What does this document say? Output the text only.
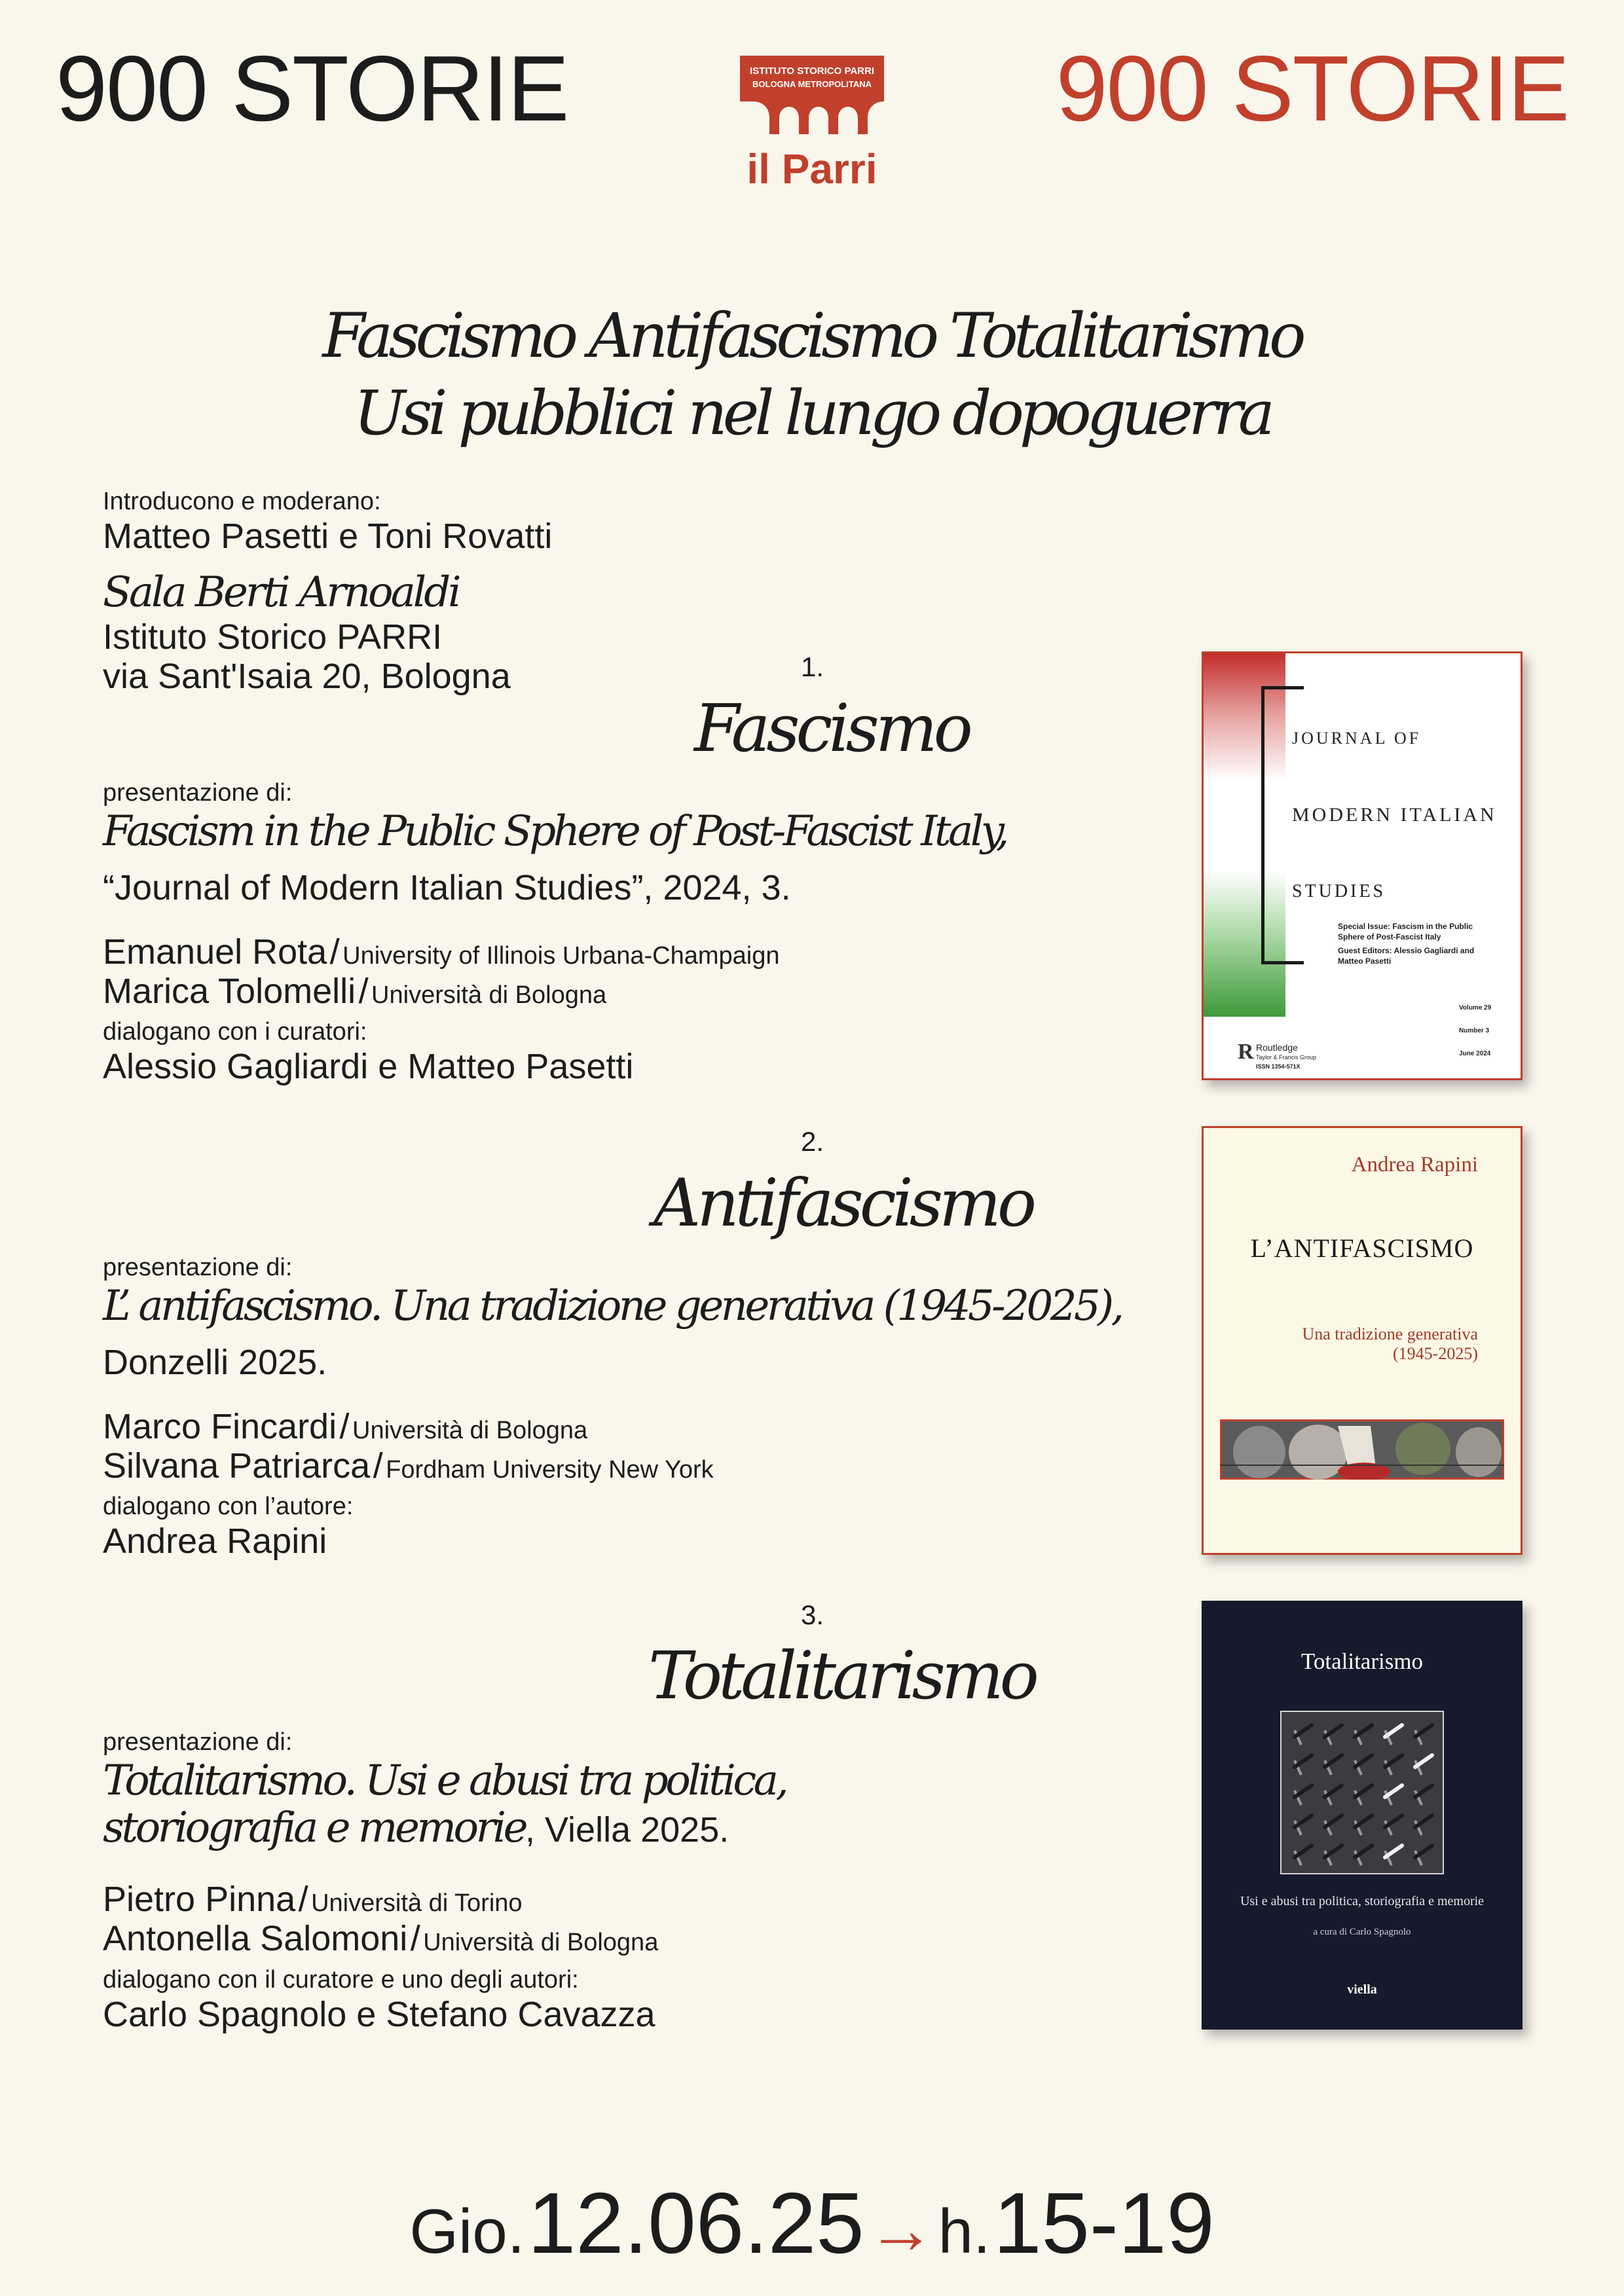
900 STORIE	900 STORIE
ISTITUTO STORICO PARRI
BOLOGNA METROPOLITANA
il Parri
Fascismo Antifascismo Totalitarismo
Usi pubblici nel lungo dopoguerra
Introducono e moderano:
Matteo Pasetti e Toni Rovatti
Sala Berti Arnoaldi
Istituto Storico PARRI
via Sant'Isaia 20, Bologna	1.
Fascismo
presentazione di:
Fascism in the Public Sphere of Post-Fascist Italy,
“Journal of Modern Italian Studies”, 2024, 3.
Emanuel Rota / University of Illinois Urbana-Champaign
Marica Tolomelli / Università di Bologna
dialogano con i curatori:
Alessio Gagliardi e Matteo Pasetti
2.
Antifascismo
presentazione di:
L’ antifascismo. Una tradizione generativa (1945-2025),
Donzelli 2025.
Marco Fincardi / Università di Bologna
Silvana Patriarca / Fordham University New York
dialogano con l’autore:
Andrea Rapini
3.
Totalitarismo
presentazione di:
Totalitarismo. Usi e abusi tra politica,
storiografia e memorie, Viella 2025.
Pietro Pinna / Università di Torino
Antonella Salomoni / Università di Bologna
dialogano con il curatore e uno degli autori:
Carlo Spagnolo e Stefano Cavazza
JOURNAL OF
MODERN ITALIAN
STUDIES
Special Issue: Fascism in the Public
Sphere of Post-Fascist Italy
Guest Editors: Alessio Gagliardi and
Matteo Pasetti
Volume 29
Number 3
June 2024
R Routledge
Taylor & Francis Group
ISSN 1354-571X
Andrea Rapini
L’ANTIFASCISMO
Una tradizione generativa
(1945-2025)
Totalitarismo
Usi e abusi tra politica, storiografia e memorie
a cura di Carlo Spagnolo
viella
Gio. 12.06.25 → h. 15-19
